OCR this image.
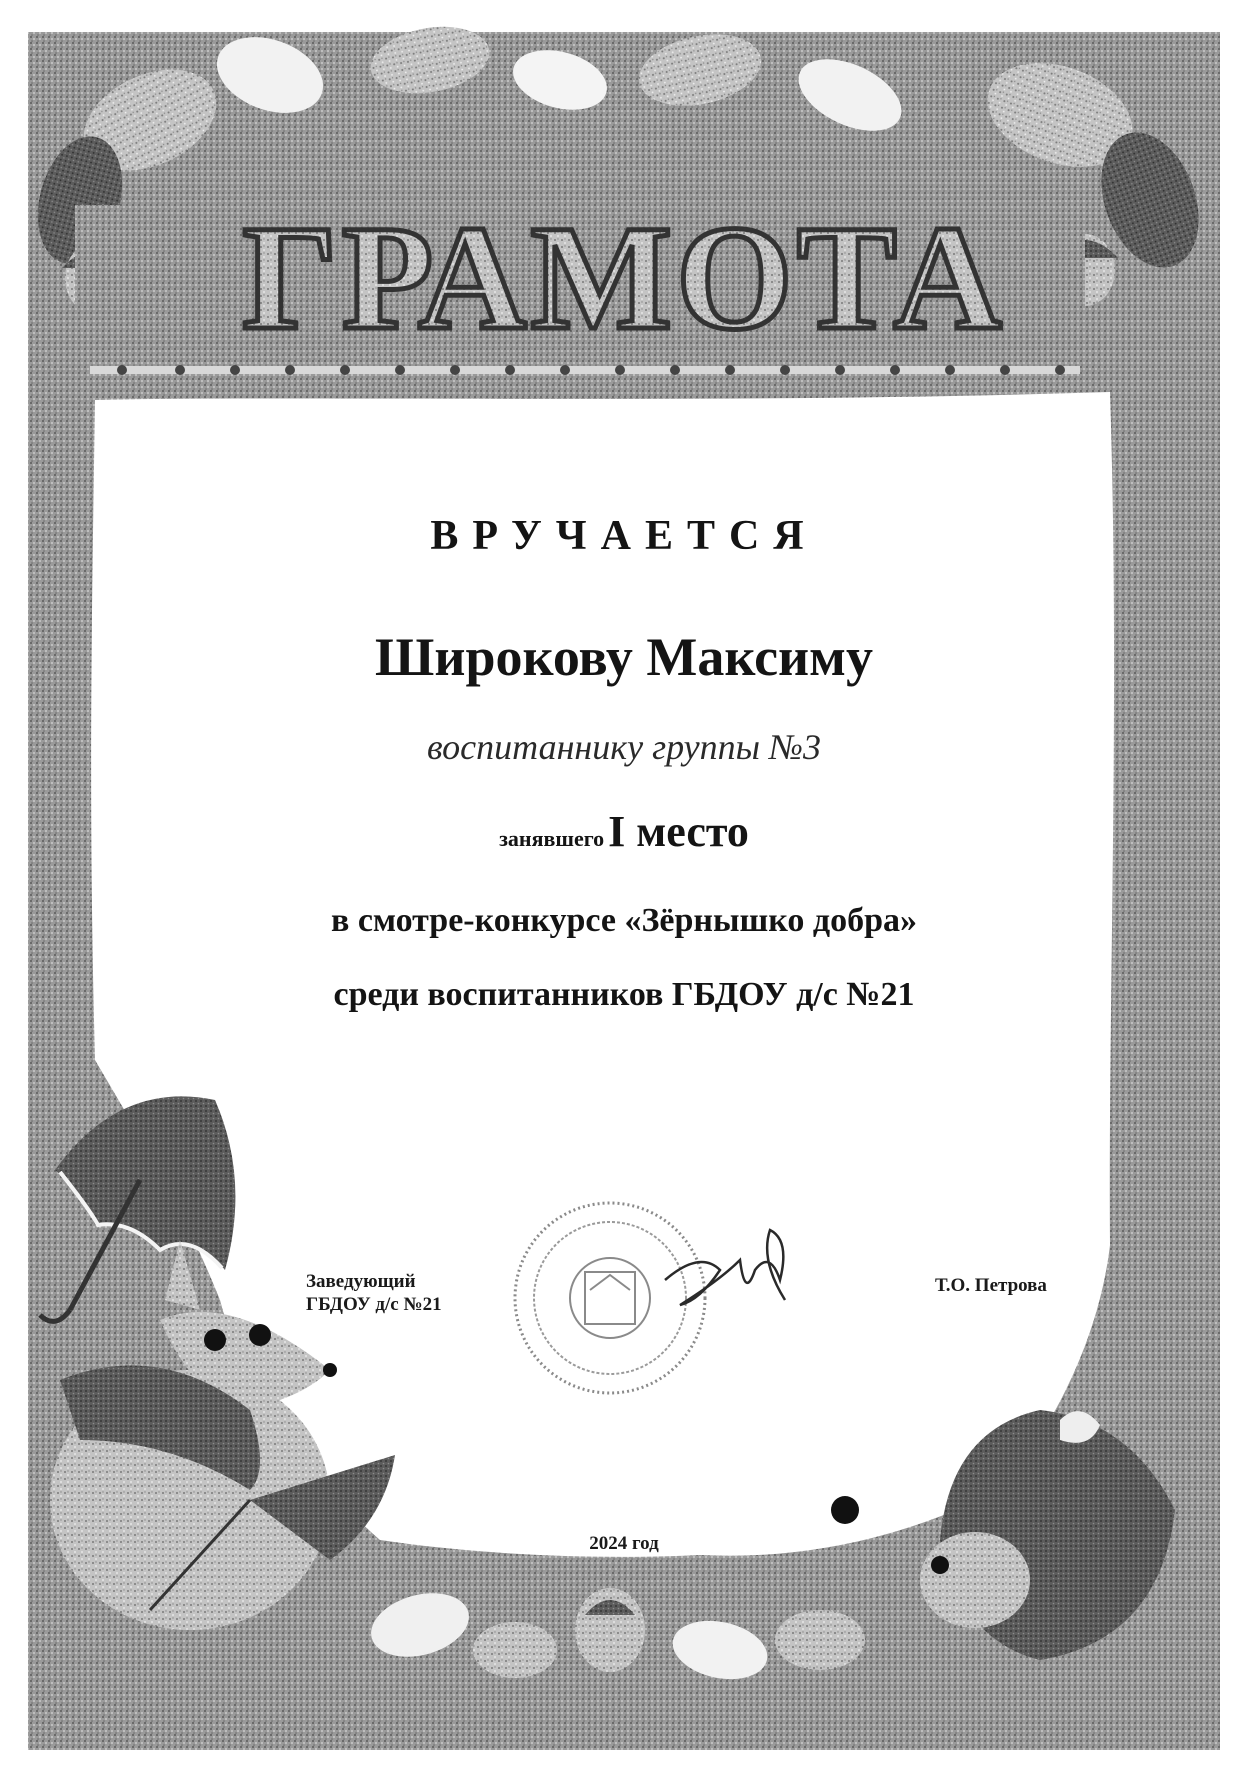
ГРАМОТА
ВРУЧАЕТСЯ
Широкову Максиму
воспитаннику группы №3
занявшего I место
в смотре-конкурсе «Зёрнышко добра»
среди воспитанников ГБДОУ д/с №21
Заведующий
ГБДОУ д/с №21
Т.О. Петрова
2024 год
